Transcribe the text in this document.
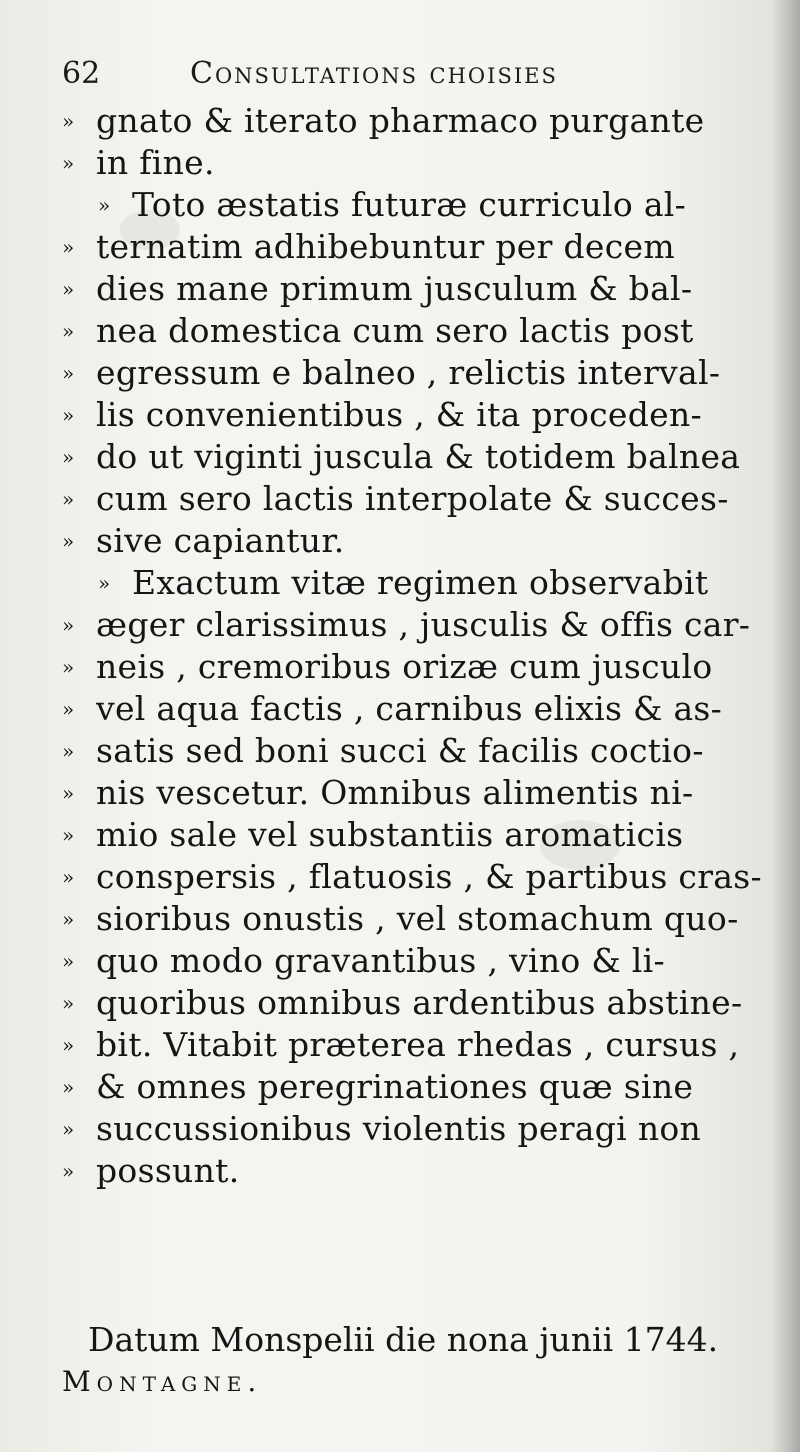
62	Consultations choisies
» gnato & iterato pharmaco purgante
» in fine.
» Toto æstatis futuræ curriculo al-
» ternatim adhibebuntur per decem
» dies mane primum jusculum & bal-
» nea domestica cum sero lactis post
» egressum e balneo , relictis interval-
» lis convenientibus , & ita proceden-
» do ut viginti juscula & totidem balnea
» cum sero lactis interpolate & succes-
» sive capiantur.
» Exactum vitæ regimen observabit
» æger clarissimus , jusculis & offis car-
» neis , cremoribus orizæ cum jusculo
» vel aqua factis , carnibus elixis & as-
» satis sed boni succi & facilis coctio-
» nis vescetur. Omnibus alimentis ni-
» mio sale vel substantiis aromaticis
» conspersis , flatuosis , & partibus cras-
» sioribus onustis , vel stomachum quo-
» quo modo gravantibus , vino & li-
» quoribus omnibus ardentibus abstine-
» bit. Vitabit præterea rhedas , cursus ,
» & omnes peregrinationes quæ sine
» succussionibus violentis peragi non
» possunt.
Datum Monspelii die nona junii 1744.
Montagne.
